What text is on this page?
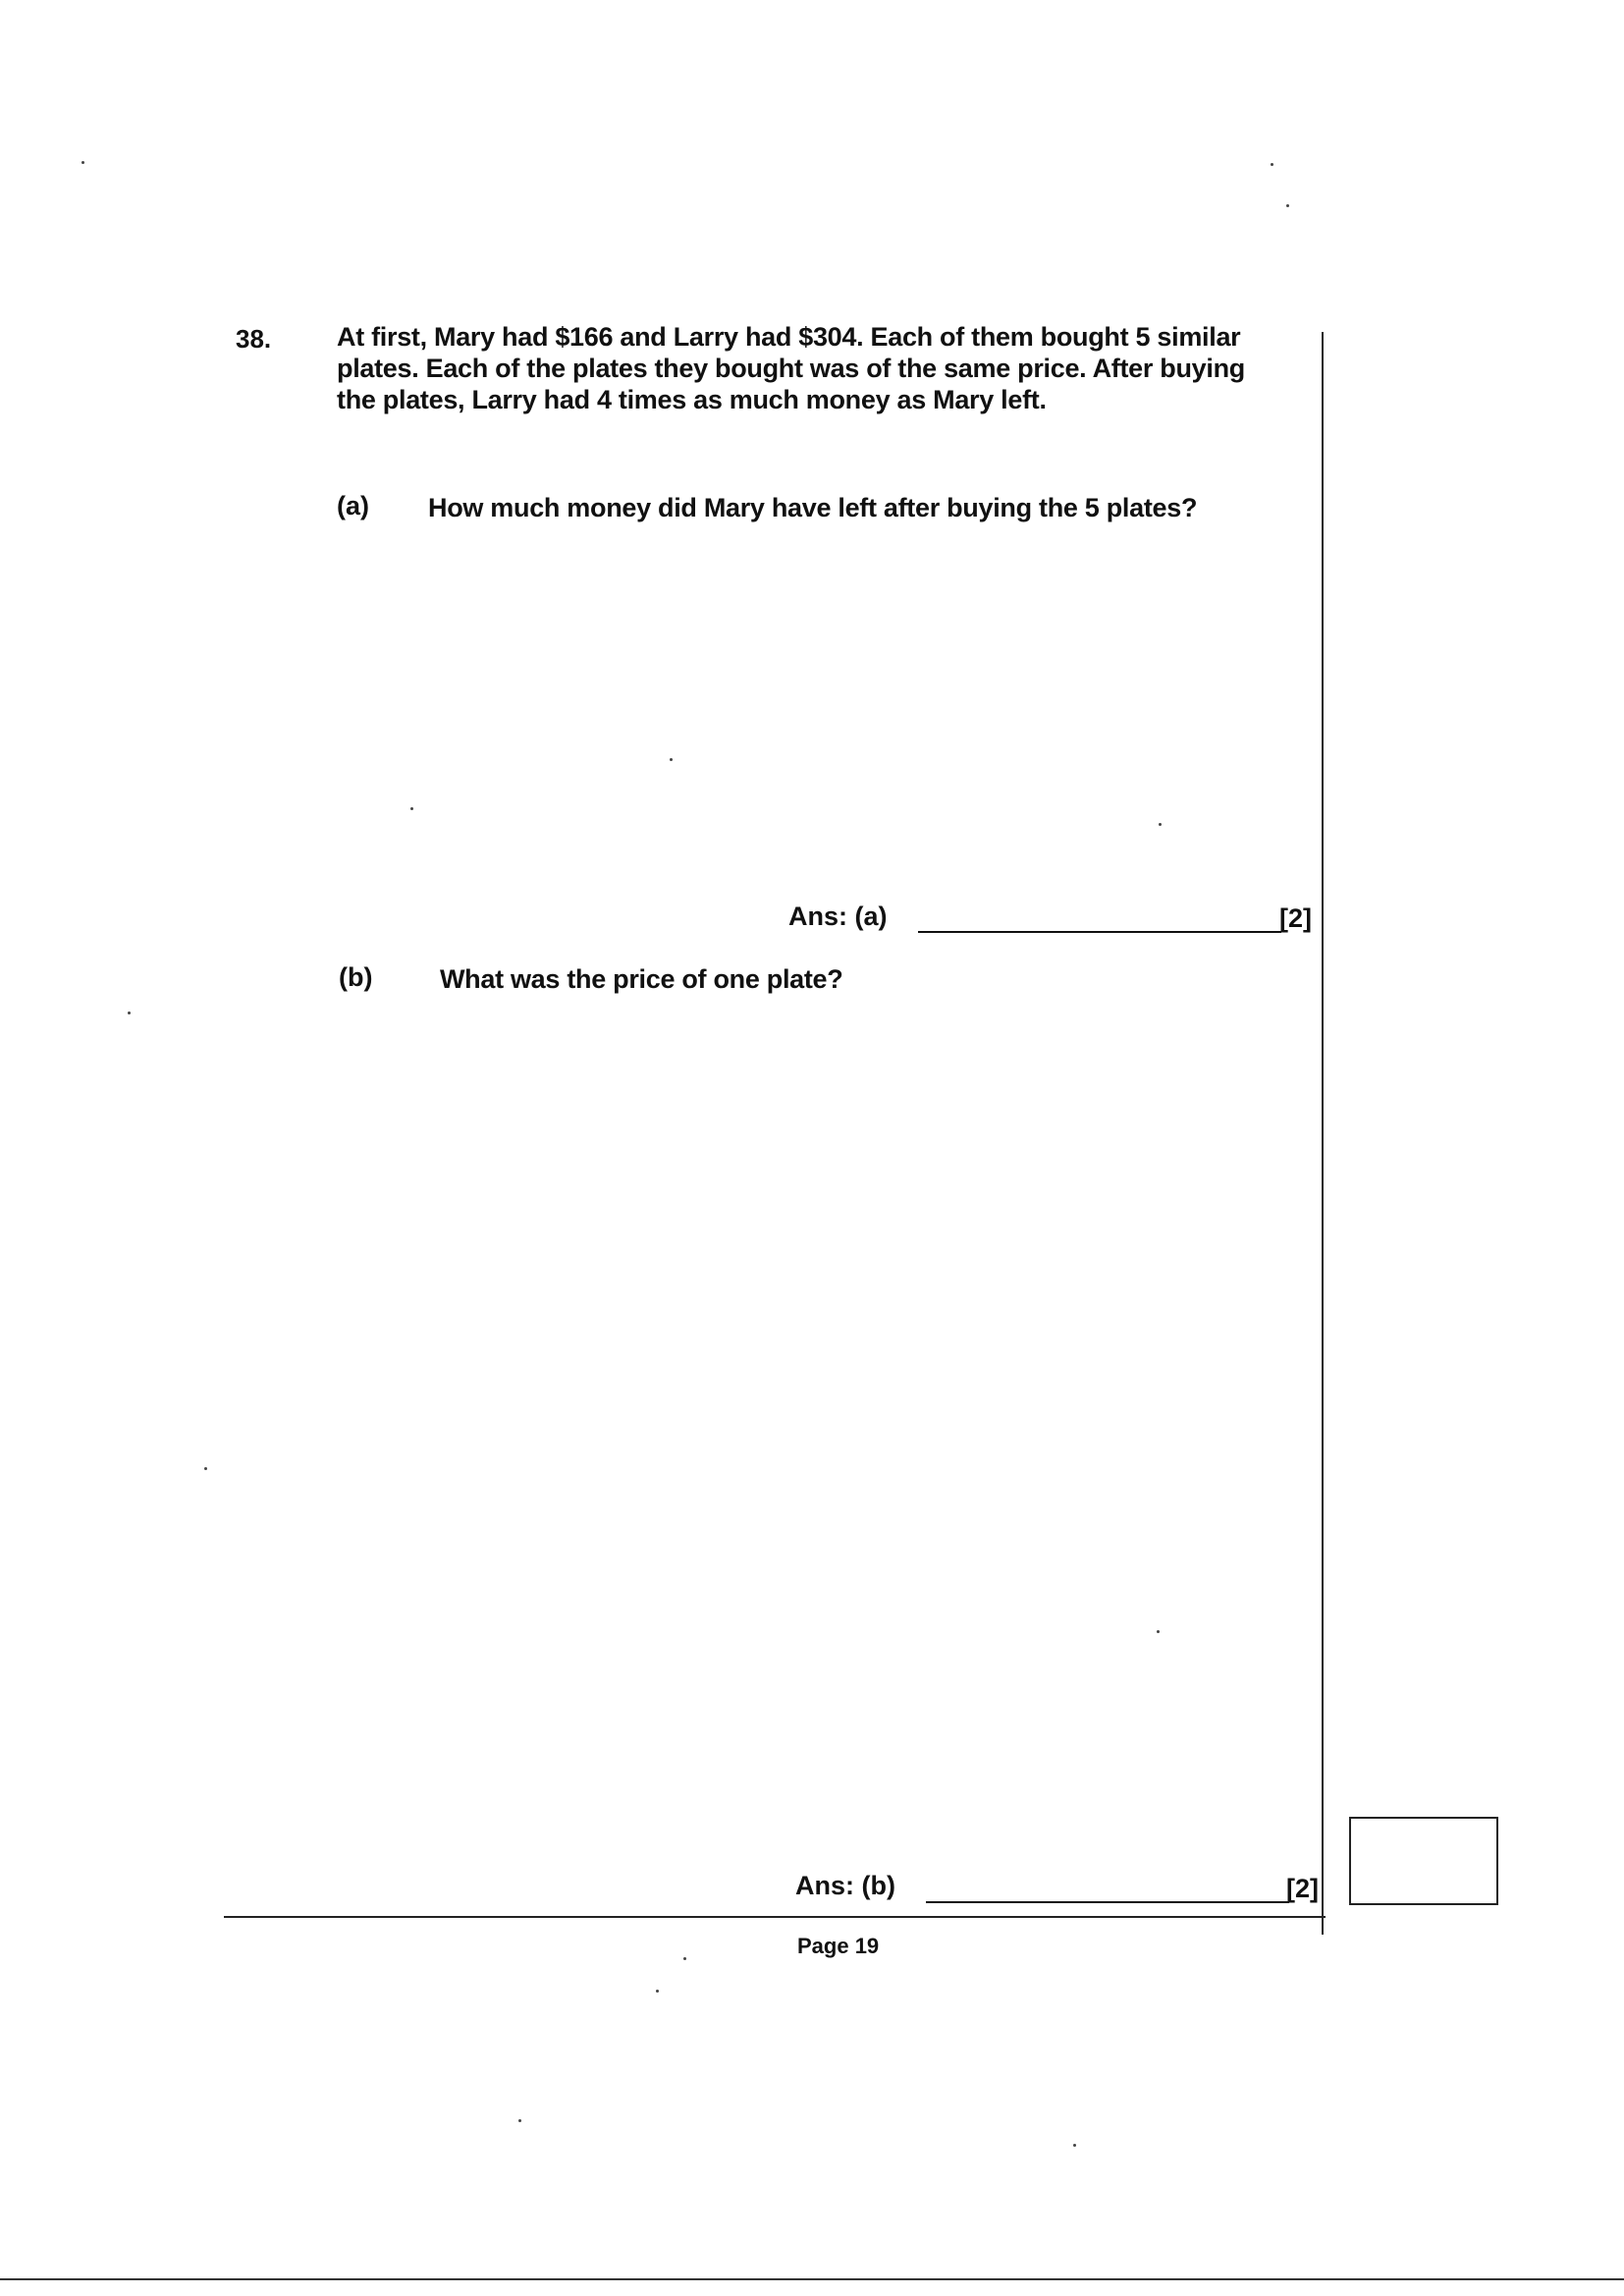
38. At first, Mary had $166 and Larry had $304. Each of them bought 5 similar
plates. Each of the plates they bought was of the same price. After buying
the plates, Larry had 4 times as much money as Mary left.
(a) How much money did Mary have left after buying the 5 plates?
Ans: (a)	[2]
(b)	What was the price of one plate?
Ans: (b)	[2]
Page 19
